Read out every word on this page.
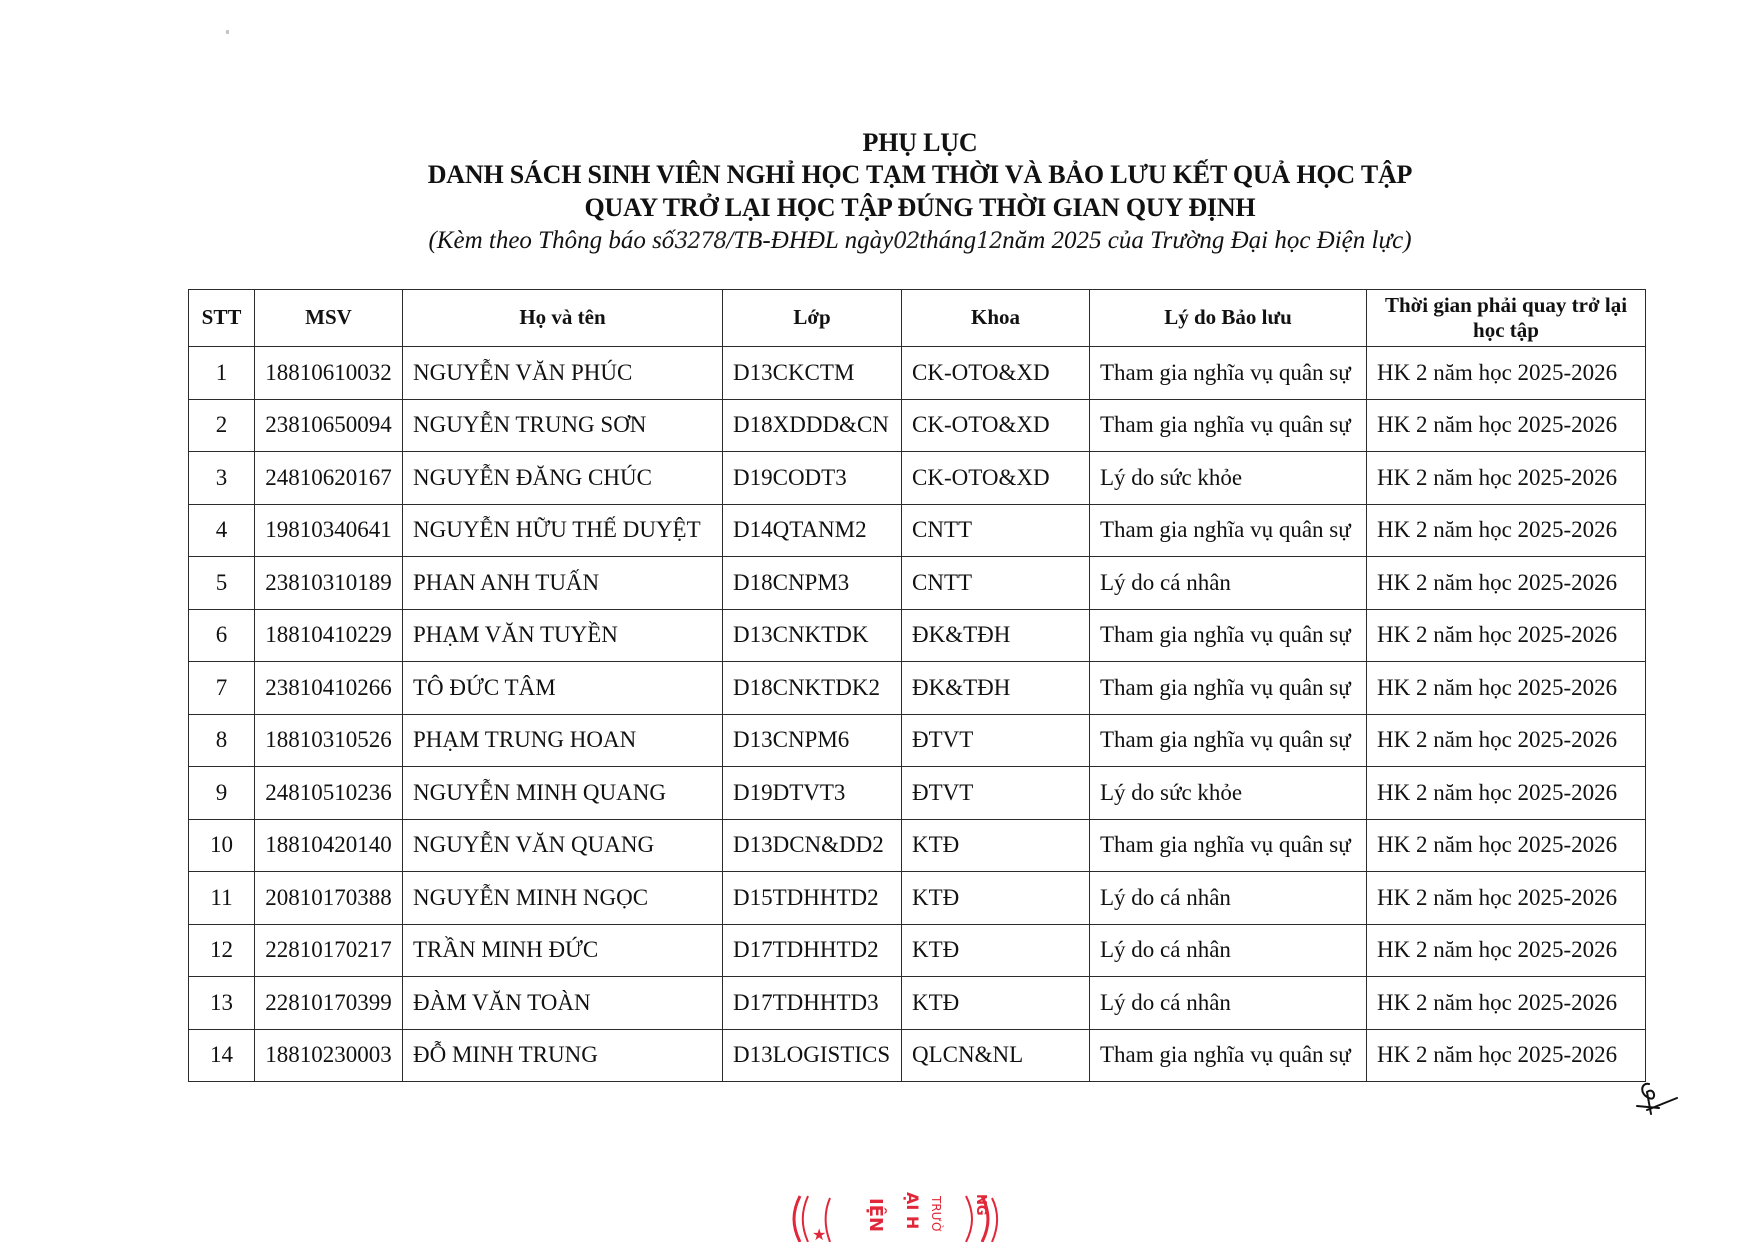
PHỤ LỤC
DANH SÁCH SINH VIÊN NGHỈ HỌC TẠM THỜI VÀ BẢO LƯU KẾT QUẢ HỌC TẬP
QUAY TRỞ LẠI HỌC TẬP ĐÚNG THỜI GIAN QUY ĐỊNH
(Kèm theo Thông báo số3278/TB-ĐHĐL ngày02tháng12năm 2025 của Trường Đại học Điện lực)
STT	MSV	Họ và tên	Lớp	Khoa	Lý do Bảo lưu	Thời gian phải quay trở lại học tập
1	18810610032	NGUYỄN VĂN PHÚC	D13CKCTM	CK-OTO&XD	Tham gia nghĩa vụ quân sự	HK 2 năm học 2025-2026
2	23810650094	NGUYỄN TRUNG SƠN	D18XDDD&CN	CK-OTO&XD	Tham gia nghĩa vụ quân sự	HK 2 năm học 2025-2026
3	24810620167	NGUYỄN ĐĂNG CHÚC	D19CODT3	CK-OTO&XD	Lý do sức khỏe	HK 2 năm học 2025-2026
4	19810340641	NGUYỄN HỮU THẾ DUYỆT	D14QTANM2	CNTT	Tham gia nghĩa vụ quân sự	HK 2 năm học 2025-2026
5	23810310189	PHAN ANH TUẤN	D18CNPM3	CNTT	Lý do cá nhân	HK 2 năm học 2025-2026
6	18810410229	PHẠM VĂN TUYỀN	D13CNKTDK	ĐK&TĐH	Tham gia nghĩa vụ quân sự	HK 2 năm học 2025-2026
7	23810410266	TÔ ĐỨC TÂM	D18CNKTDK2	ĐK&TĐH	Tham gia nghĩa vụ quân sự	HK 2 năm học 2025-2026
8	18810310526	PHẠM TRUNG HOAN	D13CNPM6	ĐTVT	Tham gia nghĩa vụ quân sự	HK 2 năm học 2025-2026
9	24810510236	NGUYỄN MINH QUANG	D19DTVT3	ĐTVT	Lý do sức khỏe	HK 2 năm học 2025-2026
10	18810420140	NGUYỄN VĂN QUANG	D13DCN&DD2	KTĐ	Tham gia nghĩa vụ quân sự	HK 2 năm học 2025-2026
11	20810170388	NGUYỄN MINH NGỌC	D15TDHHTD2	KTĐ	Lý do cá nhân	HK 2 năm học 2025-2026
12	22810170217	TRẦN MINH ĐỨC	D17TDHHTD2	KTĐ	Lý do cá nhân	HK 2 năm học 2025-2026
13	22810170399	ĐÀM VĂN TOÀN	D17TDHHTD3	KTĐ	Lý do cá nhân	HK 2 năm học 2025-2026
14	18810230003	ĐỖ MINH TRUNG	D13LOGISTICS	QLCN&NL	Tham gia nghĩa vụ quân sự	HK 2 năm học 2025-2026
★
IỆN ẠI H TRƯỜ NG
